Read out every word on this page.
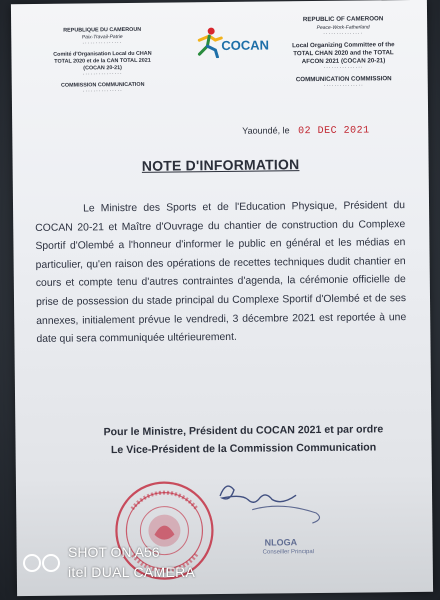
REPUBLIQUE DU CAMEROUN
Paix-Travail-Patrie
···············
Comité d'Organisation Local du CHAN
TOTAL 2020 et de la CAN TOTAL 2021
(COCAN 20-21)
···············
COMMISSION COMMUNICATION
···············
COCAN
REPUBLIC OF CAMEROON
Peace-Work-Fatherland
···············
Local Organizing Committee of the
TOTAL CHAN 2020 and the TOTAL
AFCON 2021 (COCAN 20-21)
···············
COMMUNICATION COMMISSION
···············
Yaoundé, le 02 DEC 2021
NOTE D'INFORMATION
Le Ministre des Sports et de l'Education Physique, Président du COCAN 20-21 et Maître d'Ouvrage du chantier de construction du Complexe Sportif d'Olembé a l'honneur d'informer le public en général et les médias en particulier, qu'en raison des opérations de recettes techniques dudit chantier en cours et compte tenu d'autres contraintes d'agenda, la cérémonie officielle de prise de possession du stade principal du Complexe Sportif d'Olembé et de ses annexes, initialement prévue le vendredi, 3 décembre 2021 est reportée à une date qui sera communiquée ultérieurement.
Pour le Ministre, Président du COCAN 2021 et par ordre
Le Vice-Président de la Commission Communication
NLOGA
Conseiller Principal
SHOT ON A56
itel DUAL CAMERA
